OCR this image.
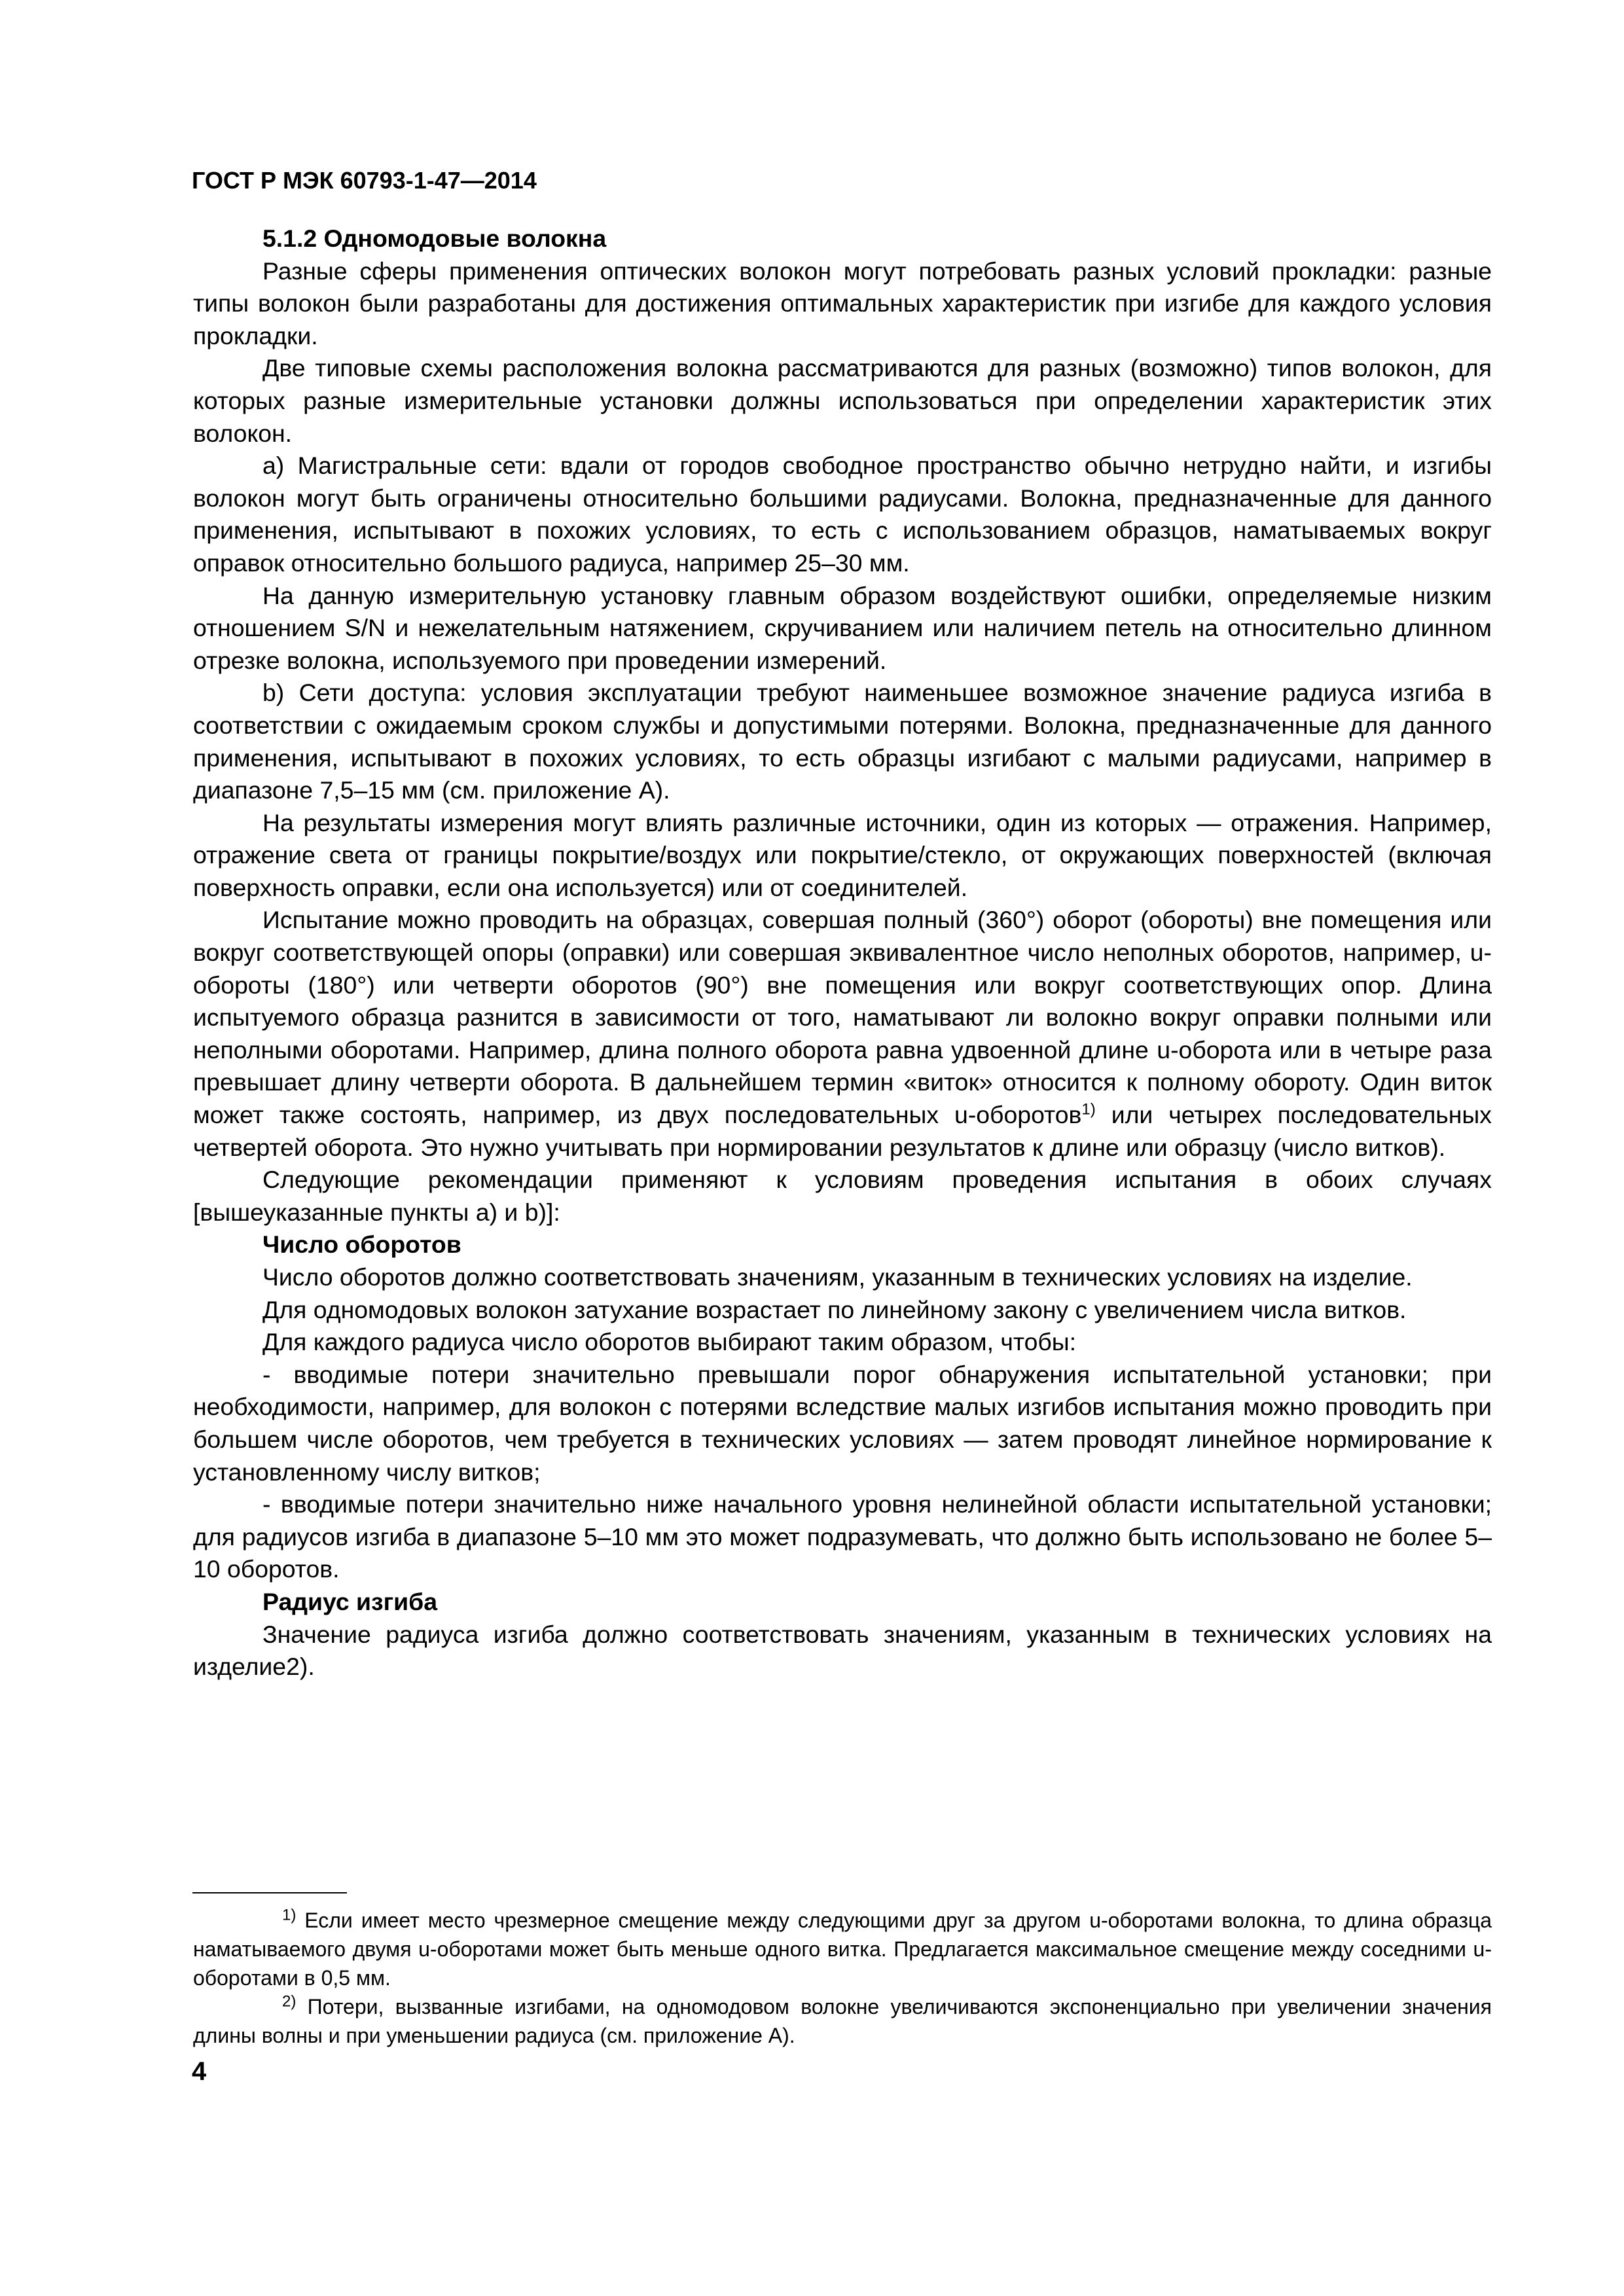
ГОСТ Р МЭК 60793-1-47—2014

5.1.2 Одномодовые волокна

Разные сферы применения оптических волокон могут потребовать разных условий прокладки: разные типы волокон были разработаны для достижения оптимальных характеристик при изгибе для каждого условия прокладки.

Две типовые схемы расположения волокна рассматриваются для разных (возможно) типов волокон, для которых разные измерительные установки должны использоваться при определении характеристик этих волокон.

а) Магистральные сети: вдали от городов свободное пространство обычно нетрудно найти, и изгибы волокон могут быть ограничены относительно большими радиусами. Волокна, предназначенные для данного применения, испытывают в похожих условиях, то есть с использованием образцов, наматываемых вокруг оправок относительно большого радиуса, например 25–30 мм.

На данную измерительную установку главным образом воздействуют ошибки, определяемые низким отношением S/N и нежелательным натяжением, скручиванием или наличием петель на относительно длинном отрезке волокна, используемого при проведении измерений.

b) Сети доступа: условия эксплуатации требуют наименьшее возможное значение радиуса изгиба в соответствии с ожидаемым сроком службы и допустимыми потерями. Волокна, предназначенные для данного применения, испытывают в похожих условиях, то есть образцы изгибают с малыми радиусами, например в диапазоне 7,5–15 мм (см. приложение А).

На результаты измерения могут влиять различные источники, один из которых — отражения. Например, отражение света от границы покрытие/воздух или покрытие/стекло, от окружающих поверхностей (включая поверхность оправки, если она используется) или от соединителей.

Испытание можно проводить на образцах, совершая полный (360°) оборот (обороты) вне помещения или вокруг соответствующей опоры (оправки) или совершая эквивалентное число неполных оборотов, например, u-обороты (180°) или четверти оборотов (90°) вне помещения или вокруг соответствующих опор. Длина испытуемого образца разнится в зависимости от того, наматывают ли волокно вокруг оправки полными или неполными оборотами. Например, длина полного оборота равна удвоенной длине u-оборота или в четыре раза превышает длину четверти оборота. В дальнейшем термин «виток» относится к полному обороту. Один виток может также состоять, например, из двух последовательных u-оборотов$^{1)}$ или четырех последовательных четвертей оборота. Это нужно учитывать при нормировании результатов к длине или образцу (число витков).

Следующие рекомендации применяют к условиям проведения испытания в обоих случаях [вышеуказанные пункты а) и b)]:

Число оборотов

Число оборотов должно соответствовать значениям, указанным в технических условиях на изделие.

Для одномодовых волокон затухание возрастает по линейному закону с увеличением числа витков.

Для каждого радиуса число оборотов выбирают таким образом, чтобы:

- вводимые потери значительно превышали порог обнаружения испытательной установки; при необходимости, например, для волокон с потерями вследствие малых изгибов испытания можно проводить при большем числе оборотов, чем требуется в технических условиях — затем проводят линейное нормирование к установленному числу витков;

- вводимые потери значительно ниже начального уровня нелинейной области испытательной установки; для радиусов изгиба в диапазоне 5–10 мм это может подразумевать, что должно быть использовано не более 5–10 оборотов.

Радиус изгиба

Значение радиуса изгиба должно соответствовать значениям, указанным в технических условиях на изделие2).

$^{1)}$ Если имеет место чрезмерное смещение между следующими друг за другом u-оборотами волокна, то длина образца наматываемого двумя u-оборотами может быть меньше одного витка. Предлагается максимальное смещение между соседними u-оборотами в 0,5 мм.

$^{2)}$ Потери, вызванные изгибами, на одномодовом волокне увеличиваются экспоненциально при увеличении значения длины волны и при уменьшении радиуса (см. приложение А).

4
